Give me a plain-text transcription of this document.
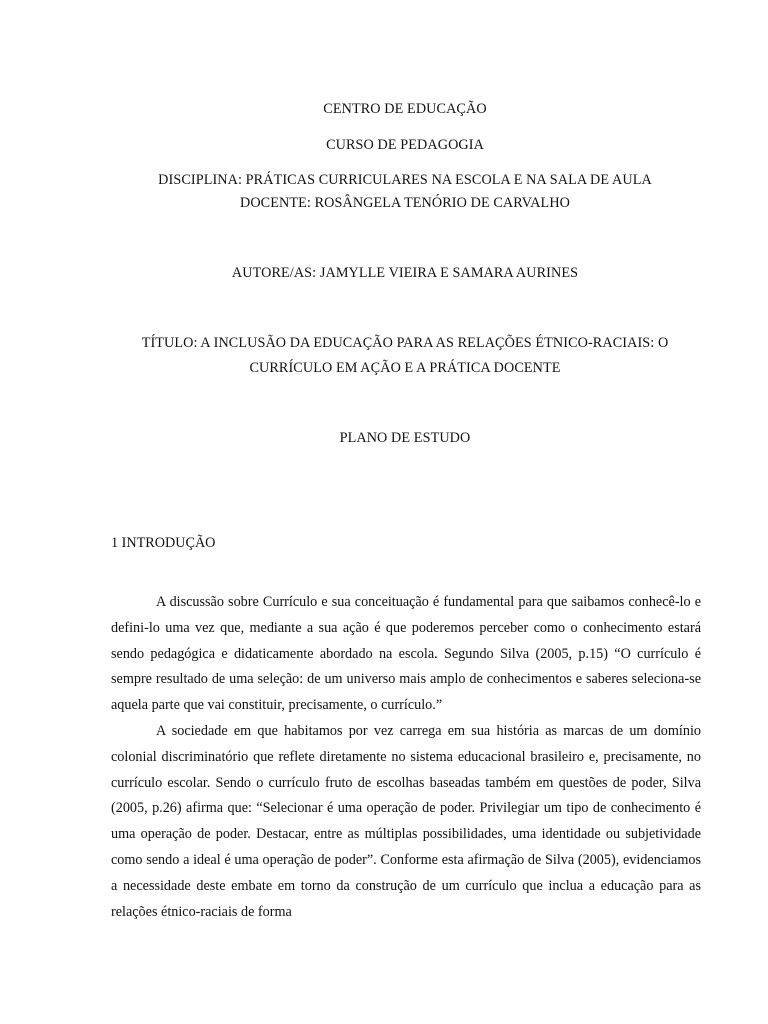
CENTRO DE EDUCAÇÃO
CURSO DE PEDAGOGIA
DISCIPLINA: PRÁTICAS CURRICULARES NA ESCOLA E NA SALA DE AULA
DOCENTE: ROSÂNGELA TENÓRIO DE CARVALHO
AUTORE/AS: JAMYLLE VIEIRA E SAMARA AURINES
TÍTULO: A INCLUSÃO DA EDUCAÇÃO PARA AS RELAÇÕES ÉTNICO-RACIAIS: O
CURRÍCULO EM AÇÃO E A PRÁTICA DOCENTE
PLANO DE ESTUDO
1 INTRODUÇÃO

A discussão sobre Currículo e sua conceituação é fundamental para que saibamos conhecê-lo e defini-lo uma vez que, mediante a sua ação é que poderemos perceber como o conhecimento estará sendo pedagógica e didaticamente abordado na escola. Segundo Silva (2005, p.15) “O currículo é sempre resultado de uma seleção: de um universo mais amplo de conhecimentos e saberes seleciona-se aquela parte que vai constituir, precisamente, o currículo.”

A sociedade em que habitamos por vez carrega em sua história as marcas de um domínio colonial discriminatório que reflete diretamente no sistema educacional brasileiro e, precisamente, no currículo escolar. Sendo o currículo fruto de escolhas baseadas também em questões de poder, Silva (2005, p.26) afirma que: “Selecionar é uma operação de poder. Privilegiar um tipo de conhecimento é uma operação de poder. Destacar, entre as múltiplas possibilidades, uma identidade ou subjetividade como sendo a ideal é uma operação de poder”. Conforme esta afirmação de Silva (2005), evidenciamos a necessidade deste embate em torno da construção de um currículo que inclua a educação para as relações étnico-raciais de forma
